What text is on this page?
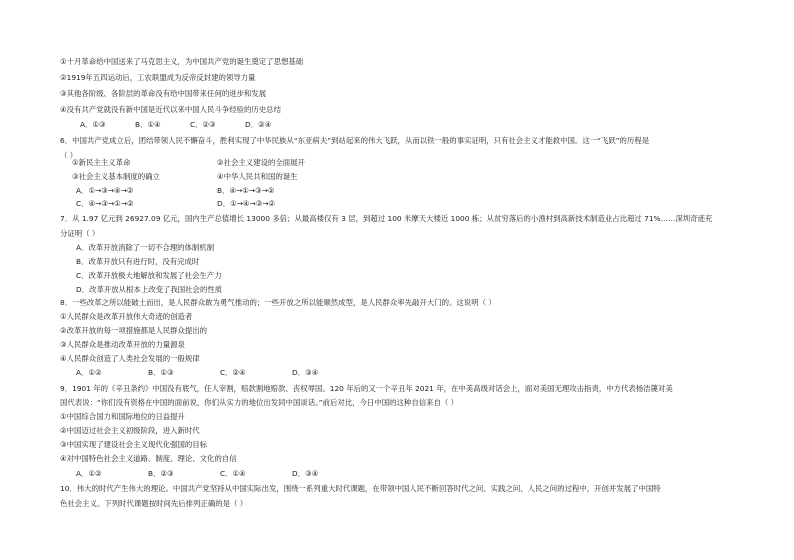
①十月革命给中国送来了马克思主义，为中国共产党的诞生奠定了思想基础
②1919年五四运动后，工农联盟成为反帝反封建的领导力量
③其他各阶级、各阶层的革命没有给中国带来任何的进步和发展
④没有共产党就没有新中国是近代以来中国人民斗争经验的历史总结
A．①③	B．①④	C．②③	D．②④
6．中国共产党成立后，团结带领人民不懈奋斗，胜利实现了中华民族从“东亚病夫”到站起来的伟大飞跃，从而以铁一般的事实证明，只有社会主义才能救中国。这一“飞跃”的历程是
（ ）
①新民主主义革命	②社会主义建设的全面展开
③社会主义基本制度的确立	④中华人民共和国的诞生
A．①→③→④→②	B．④→①→③→②
C．④→③→①→②	D．①→④→③→②
7．从 1.97 亿元到 26927.09 亿元，国内生产总值增长 13000 多倍；从最高楼仅有 3 层，到超过 100 米摩天大楼近 1000 栋；从贫穷落后的小渔村到高新技术制造业占比超过 71%……深圳奇迹充
分证明（ ）
A．改革开放消除了一切不合理的体制机制
B．改革开放只有进行时，没有完成时
C．改革开放极大地解放和发展了社会生产力
D．改革开放从根本上改变了我国社会的性质
8．一些改革之所以能破土而出，是人民群众敢为勇气推动的；一些开放之所以能顺然成型，是人民群众率先敲开大门的。这说明（ ）
①人民群众是改革开放伟大奇迹的创造者
②改革开放的每一项措施都是人民群众提出的
③人民群众是推动改革开放的力量源泉
④人民群众创造了人类社会发展的一般规律
A．①②	B．①③	C．②④	D．③④
9．1901 年的《辛丑条约》中国没有底气，任人宰割，赔款割地赔款、丧权辱国。120 年后的又一个辛丑年 2021 年，在中美高级对话会上，面对美国无理攻击指责，中方代表杨洁篪对美
国代表说：“你们没有资格在中国的面前说，你们从实力的地位出发同中国谈话。”前后对比，今日中国的这种自信来自（ ）
①中国综合国力和国际地位的日益提升
②中国迈过社会主义初级阶段，进入新时代
③中国实现了建设社会主义现代化强国的目标
④对中国特色社会主义道路、制度、理论、文化的自信
A．①②	B．②③	C．①④	D．③④
10．伟大的时代产生伟大的理论。中国共产党坚持从中国实际出发，围绕一系列重大时代课题，在带领中国人民不断回答时代之问、实践之问、人民之问的过程中，开创并发展了中国特
色社会主义。下列时代课题按时间先后排列正确的是（ ）
